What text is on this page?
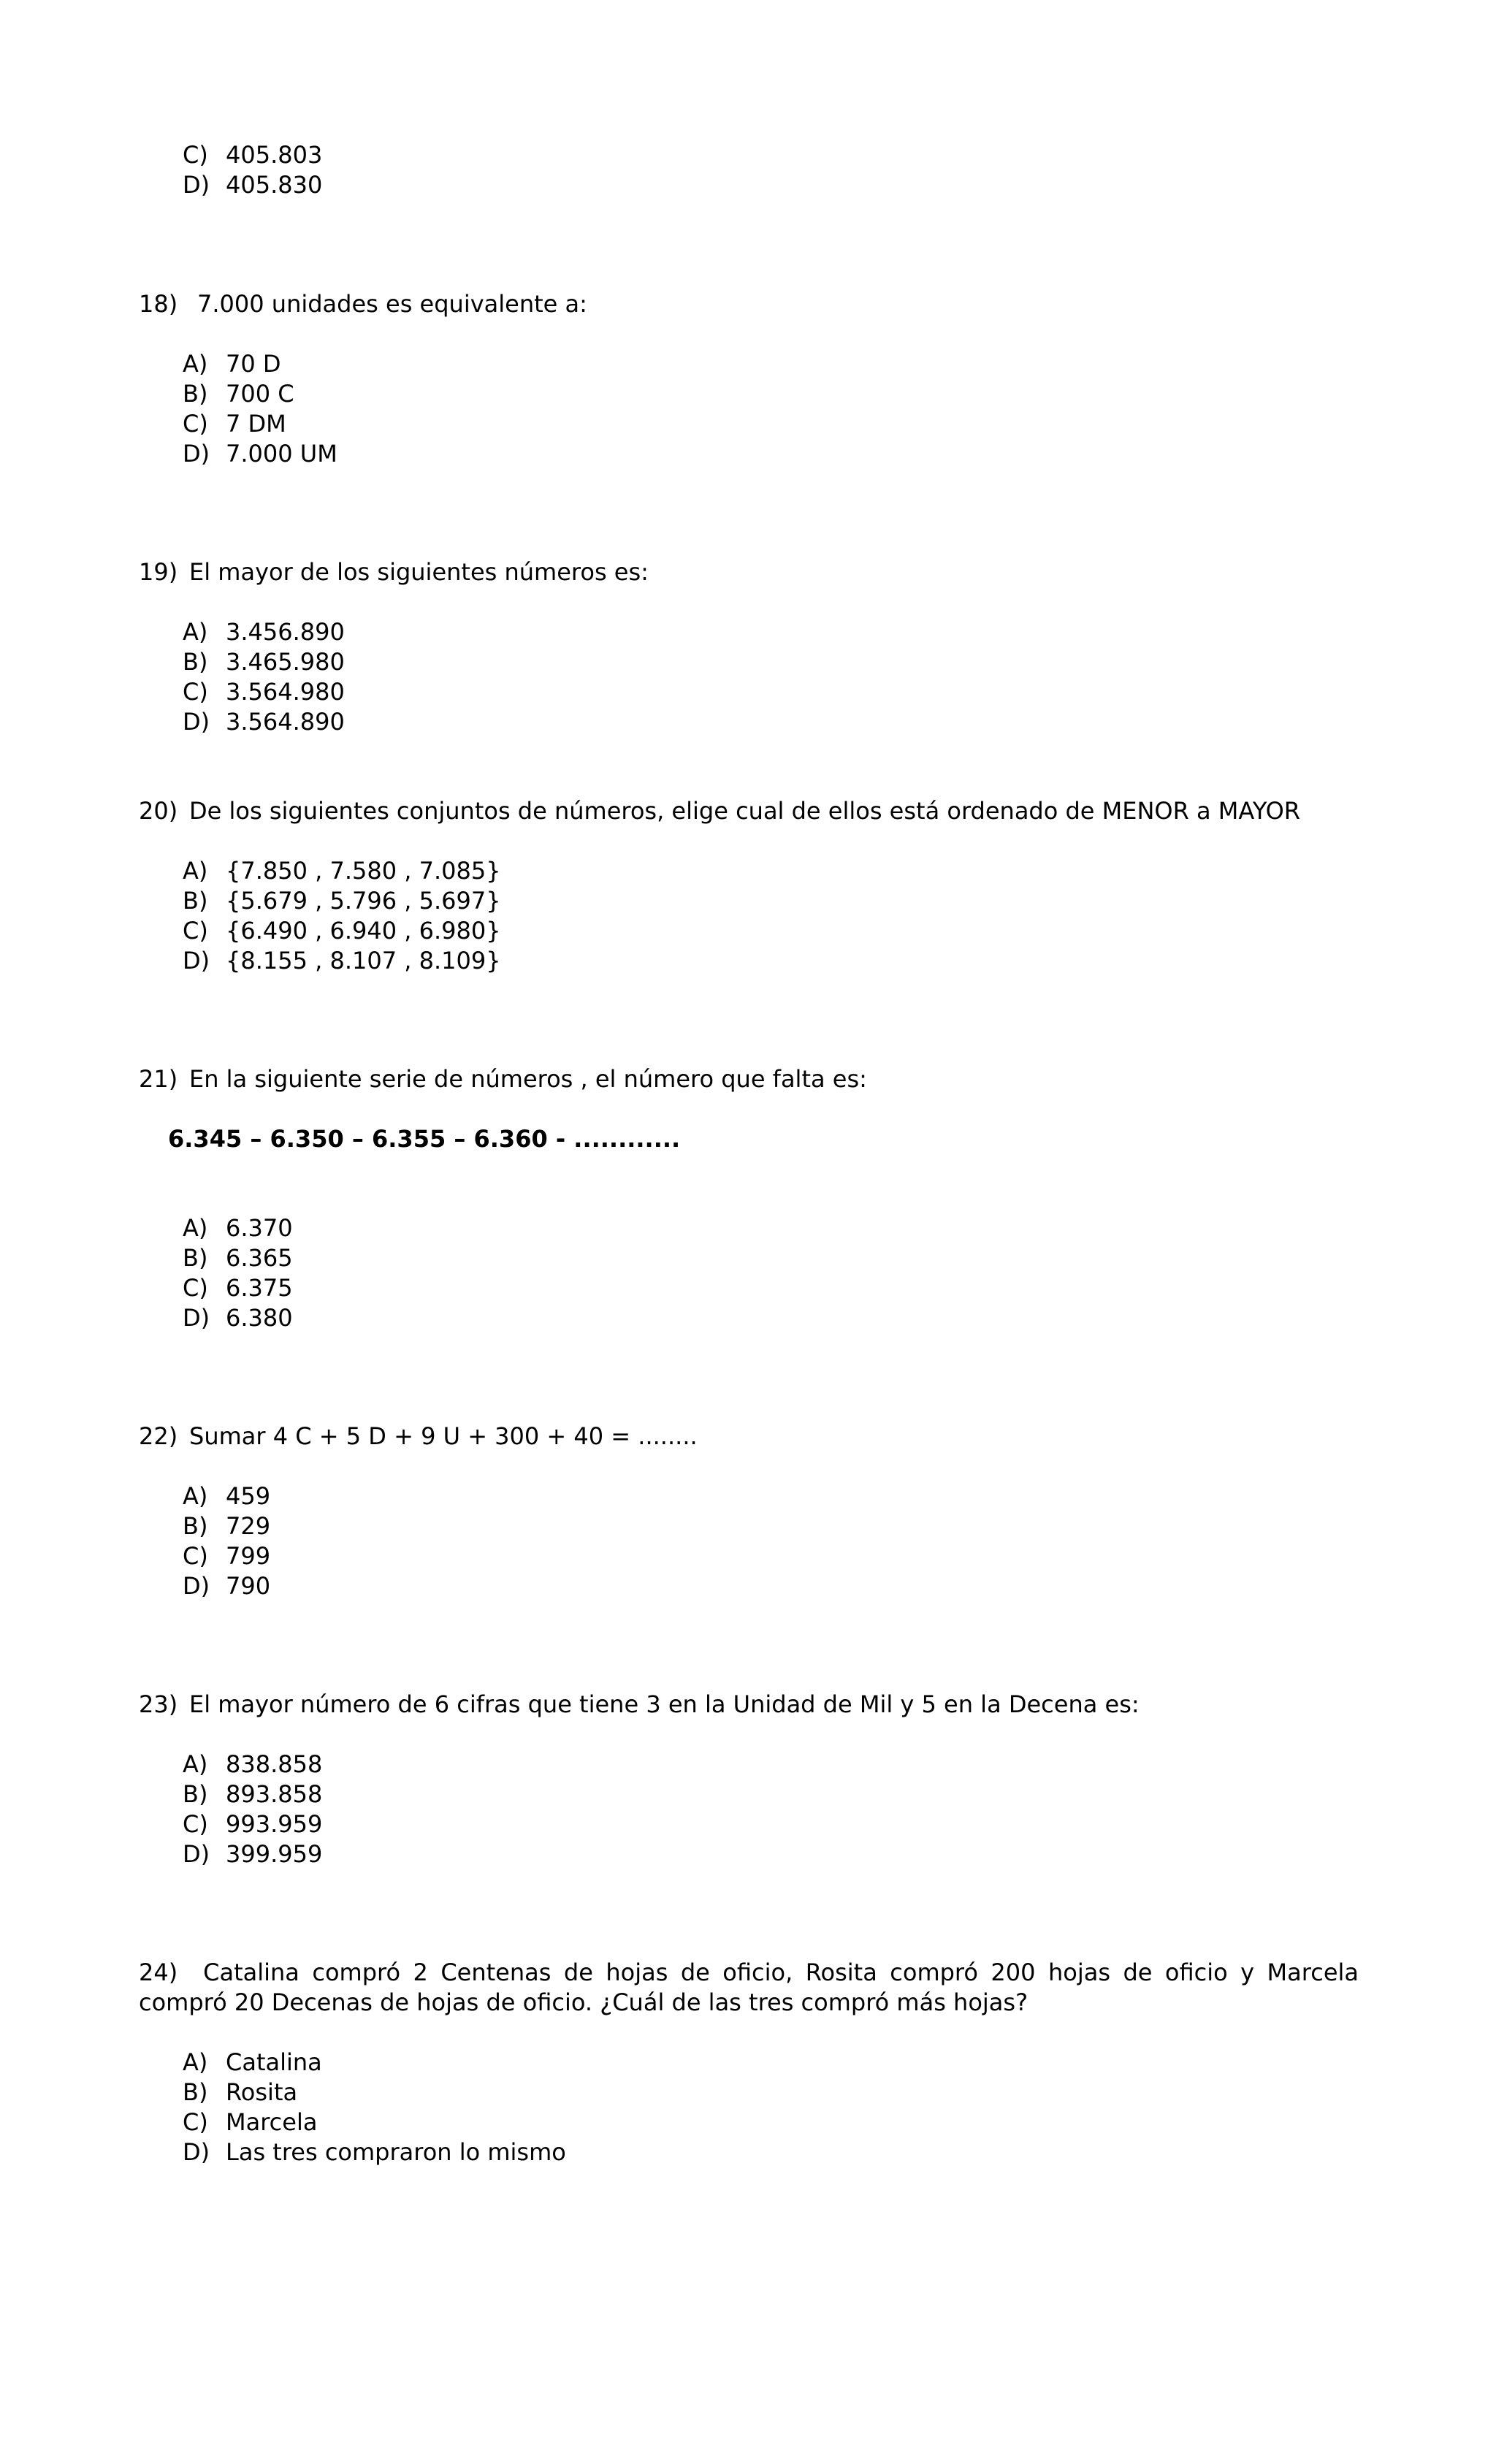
C) 405.803
D) 405.830
18) 7.000 unidades es equivalente a:
A) 70 D
B) 700 C
C) 7 DM
D) 7.000 UM
19) El mayor de los siguientes números es:
A) 3.456.890
B) 3.465.980
C) 3.564.980
D) 3.564.890
20) De los siguientes conjuntos de números, elige cual de ellos está ordenado de MENOR a MAYOR
A) {7.850 , 7.580 , 7.085}
B) {5.679 , 5.796 , 5.697}
C) {6.490 , 6.940 , 6.980}
D) {8.155 , 8.107 , 8.109}
21) En la siguiente serie de números , el número que falta es:
6.345 – 6.350 – 6.355 – 6.360 - ............
A) 6.370
B) 6.365
C) 6.375
D) 6.380
22) Sumar 4 C + 5 D + 9 U + 300 + 40 = ........
A) 459
B) 729
C) 799
D) 790
23) El mayor número de 6 cifras que tiene 3 en la Unidad de Mil y 5 en la Decena es:
A) 838.858
B) 893.858
C) 993.959
D) 399.959
24) Catalina compró 2 Centenas de hojas de oficio, Rosita compró 200 hojas de oficio y Marcela compró 20 Decenas de hojas de oficio. ¿Cuál de las tres compró más hojas?
A) Catalina
B) Rosita
C) Marcela
D) Las tres compraron lo mismo
